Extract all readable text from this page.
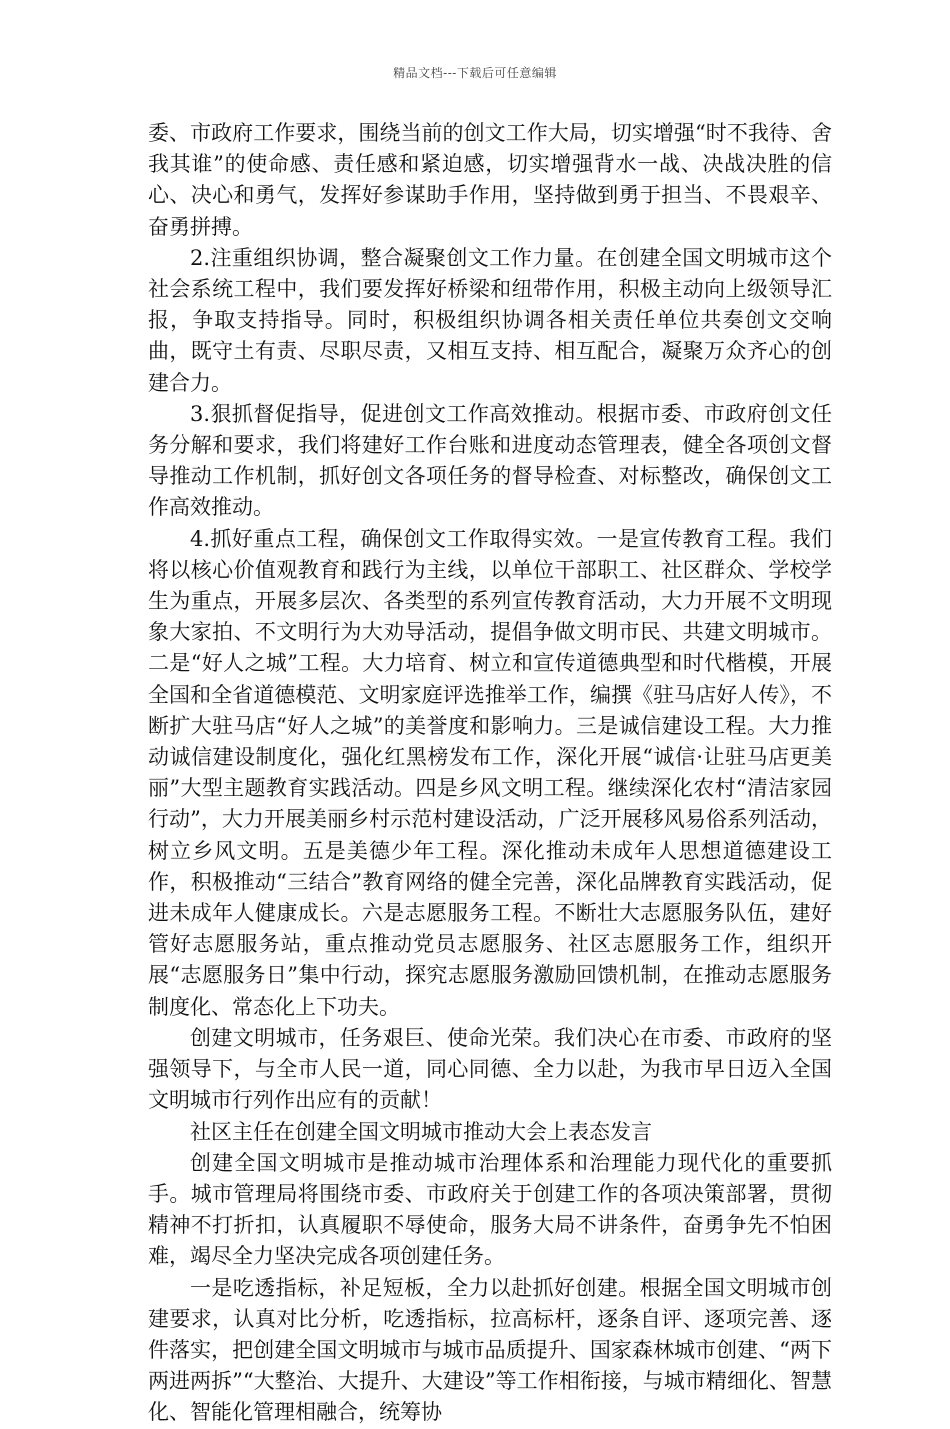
精品文档---下载后可任意编辑

委、市政府工作要求，围绕当前的创文工作大局，切实增强“时不我待、舍我其谁”的使命感、责任感和紧迫感，切实增强背水一战、决战决胜的信心、决心和勇气，发挥好参谋助手作用，坚持做到勇于担当、不畏艰辛、奋勇拼搏。

2.注重组织协调，整合凝聚创文工作力量。在创建全国文明城市这个社会系统工程中，我们要发挥好桥梁和纽带作用，积极主动向上级领导汇报，争取支持指导。同时，积极组织协调各相关责任单位共奏创文交响曲，既守土有责、尽职尽责，又相互支持、相互配合，凝聚万众齐心的创建合力。

3.狠抓督促指导，促进创文工作高效推动。根据市委、市政府创文任务分解和要求，我们将建好工作台账和进度动态管理表，健全各项创文督导推动工作机制，抓好创文各项任务的督导检查、对标整改，确保创文工作高效推动。

4.抓好重点工程，确保创文工作取得实效。一是宣传教育工程。我们将以核心价值观教育和践行为主线，以单位干部职工、社区群众、学校学生为重点，开展多层次、各类型的系列宣传教育活动，大力开展不文明现象大家拍、不文明行为大劝导活动，提倡争做文明市民、共建文明城市。二是“好人之城”工程。大力培育、树立和宣传道德典型和时代楷模，开展全国和全省道德模范、文明家庭评选推举工作，编撰《驻马店好人传》，不断扩大驻马店“好人之城”的美誉度和影响力。三是诚信建设工程。大力推动诚信建设制度化，强化红黑榜发布工作，深化开展“诚信·让驻马店更美丽”大型主题教育实践活动。四是乡风文明工程。继续深化农村“清洁家园行动”，大力开展美丽乡村示范村建设活动，广泛开展移风易俗系列活动，树立乡风文明。五是美德少年工程。深化推动未成年人思想道德建设工作，积极推动“三结合”教育网络的健全完善，深化品牌教育实践活动，促进未成年人健康成长。六是志愿服务工程。不断壮大志愿服务队伍，建好管好志愿服务站，重点推动党员志愿服务、社区志愿服务工作，组织开展“志愿服务日”集中行动，探究志愿服务激励回馈机制，在推动志愿服务制度化、常态化上下功夫。

创建文明城市，任务艰巨、使命光荣。我们决心在市委、市政府的坚强领导下，与全市人民一道，同心同德、全力以赴，为我市早日迈入全国文明城市行列作出应有的贡献！

社区主任在创建全国文明城市推动大会上表态发言

创建全国文明城市是推动城市治理体系和治理能力现代化的重要抓手。城市管理局将围绕市委、市政府关于创建工作的各项决策部署，贯彻精神不打折扣，认真履职不辱使命，服务大局不讲条件，奋勇争先不怕困难，竭尽全力坚决完成各项创建任务。

一是吃透指标，补足短板，全力以赴抓好创建。根据全国文明城市创建要求，认真对比分析，吃透指标，拉高标杆，逐条自评、逐项完善、逐件落实，把创建全国文明城市与城市品质提升、国家森林城市创建、“两下两进两拆”“大整治、大提升、大建设”等工作相衔接，与城市精细化、智慧化、智能化管理相融合，统筹协
